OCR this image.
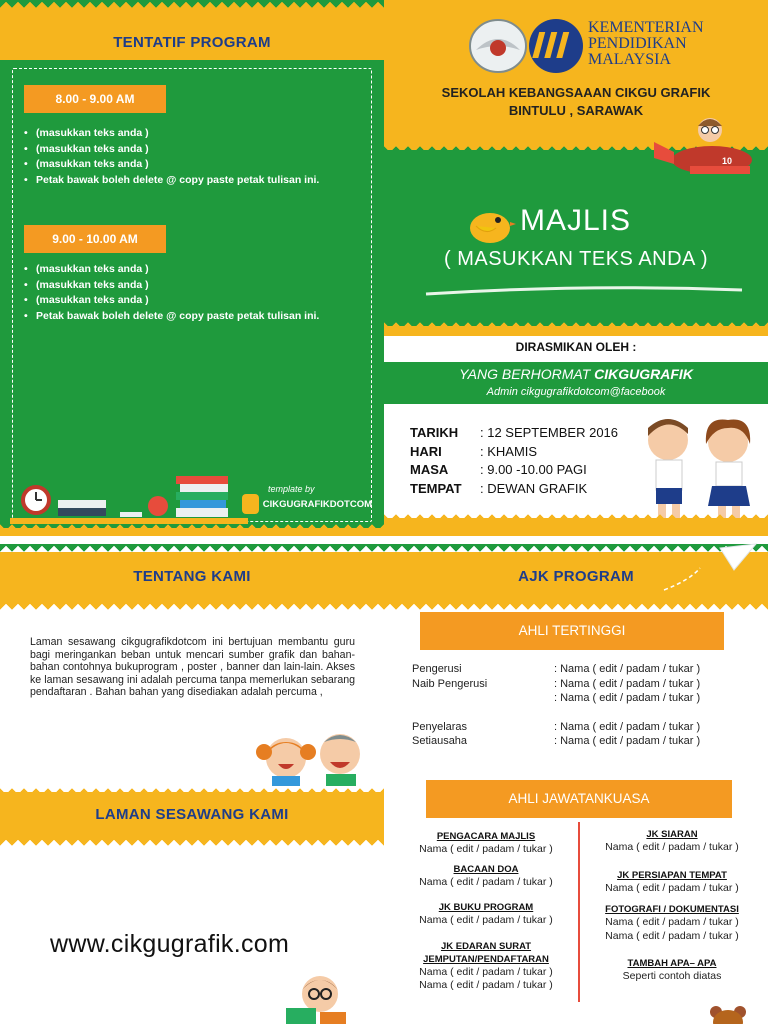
TENTATIF PROGRAM
8.00 - 9.00 AM
• (masukkan teks anda )
• (masukkan teks anda )
• (masukkan teks anda )
• Petak bawak boleh delete @ copy paste petak tulisan ini.
9.00 - 10.00 AM
• (masukkan teks anda )
• (masukkan teks anda )
• (masukkan teks anda )
• Petak bawak boleh delete @ copy paste petak tulisan ini.
template by
CIKGUGRAFIKDOTCOM
KEMENTERIAN
PENDIDIKAN
MALAYSIA
SEKOLAH KEBANGSAAAN CIKGU GRAFIK
BINTULU , SARAWAK
10
MAJLIS
( MASUKKAN TEKS ANDA )
DIRASMIKAN OLEH :
YANG BERHORMAT CIKGUGRAFIK
Admin cikgugrafikdotcom@facebook
TARIKH	: 12 SEPTEMBER 2016
HARI	: KHAMIS
MASA	: 9.00 -10.00 PAGI
TEMPAT	: DEWAN GRAFIK
TENTANG KAMI
Laman sesawang cikgugrafikdotcom ini bertujuan membantu guru bagi meringankan beban untuk mencari sumber grafik dan bahan-bahan contohnya bukuprogram , poster , banner dan lain-lain. Akses ke laman sesawang ini adalah percuma tanpa memerlukan sebarang pendaftaran . Bahan bahan yang disediakan adalah percuma ,
LAMAN SESAWANG KAMI
www.cikgugrafik.com
AJK PROGRAM
AHLI TERTINGGI
Pengerusi	: Nama ( edit / padam / tukar )
Naib Pengerusi	: Nama ( edit / padam / tukar )
: Nama ( edit / padam / tukar )
Penyelaras	: Nama ( edit / padam / tukar )
Setiausaha	: Nama ( edit / padam / tukar )
AHLI JAWATANKUASA
PENGACARA MAJLIS
Nama ( edit / padam / tukar )
BACAAN DOA
Nama ( edit / padam / tukar )
JK BUKU PROGRAM
Nama ( edit / padam / tukar )
JK EDARAN SURAT JEMPUTAN/PENDAFTARAN
Nama ( edit / padam / tukar )
Nama ( edit / padam / tukar )
JK SIARAN
Nama ( edit / padam / tukar )
JK PERSIAPAN TEMPAT
Nama ( edit / padam / tukar )
FOTOGRAFI / DOKUMENTASI
Nama ( edit / padam / tukar )
Nama ( edit / padam / tukar )
TAMBAH APA– APA
Seperti contoh diatas
